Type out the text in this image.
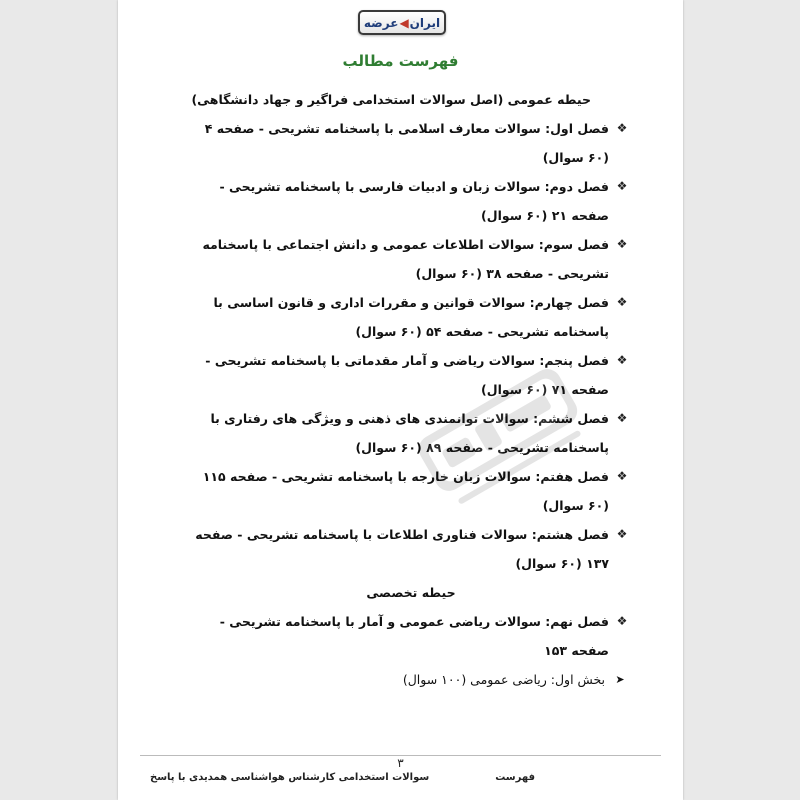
ایران
◀
عرضه
فهرست مطالب
حیطه عمومی (اصل سوالات استخدامی فراگیر و جهاد دانشگاهی)
❖
فصل اول: سوالات معارف اسلامی با پاسخنامه تشریحی - صفحه ۴ (۶۰ سوال)
❖
فصل دوم: سوالات زبان و ادبیات فارسی با پاسخنامه تشریحی - صفحه ۲۱ (۶۰ سوال)
❖
فصل سوم: سوالات اطلاعات عمومی و دانش اجتماعی با پاسخنامه تشریحی - صفحه ۳۸ (۶۰ سوال)
❖
فصل چهارم: سوالات قوانین و مقررات اداری و قانون اساسی با پاسخنامه تشریحی - صفحه ۵۴ (۶۰ سوال)
❖
فصل پنجم: سوالات ریاضی و آمار مقدماتی با پاسخنامه تشریحی - صفحه ۷۱ (۶۰ سوال)
❖
فصل ششم: سوالات توانمندی های ذهنی و ویژگی های رفتاری با پاسخنامه تشریحی - صفحه ۸۹ (۶۰ سوال)
❖
فصل هفتم: سوالات زبان خارجه با پاسخنامه تشریحی - صفحه ۱۱۵ (۶۰ سوال)
❖
فصل هشتم: سوالات فناوری اطلاعات با پاسخنامه تشریحی - صفحه ۱۳۷ (۶۰ سوال)
حیطه تخصصی
❖
فصل نهم: سوالات ریاضی عمومی و آمار با پاسخنامه تشریحی - صفحه ۱۵۳
➤
بخش اول: ریاضی عمومی (۱۰۰ سوال)
۳
فهرست
سوالات استخدامی کارشناس هواشناسی همدیدی با پاسخ
